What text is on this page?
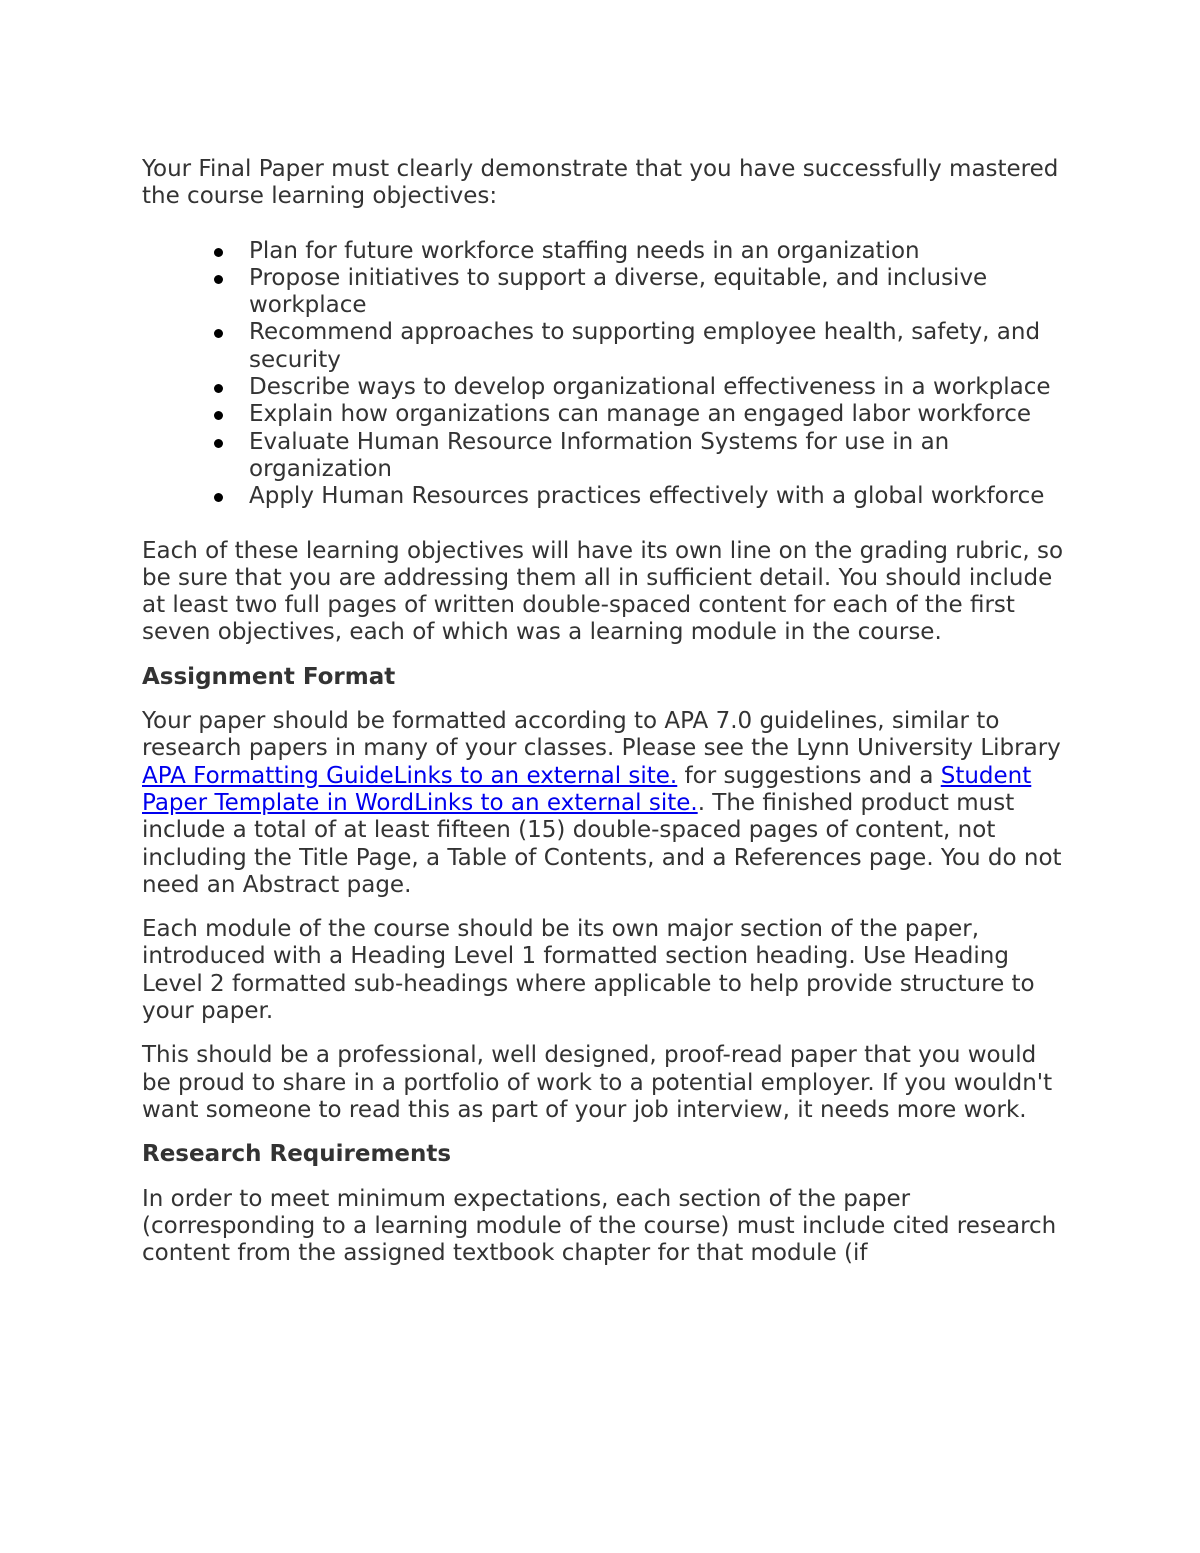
Your Final Paper must clearly demonstrate that you have successfully mastered the course learning objectives:

Plan for future workforce staffing needs in an organization
Propose initiatives to support a diverse, equitable, and inclusive workplace
Recommend approaches to supporting employee health, safety, and security
Describe ways to develop organizational effectiveness in a workplace
Explain how organizations can manage an engaged labor workforce
Evaluate Human Resource Information Systems for use in an organization
Apply Human Resources practices effectively with a global workforce

Each of these learning objectives will have its own line on the grading rubric, so be sure that you are addressing them all in sufficient detail. You should include at least two full pages of written double-spaced content for each of the first seven objectives, each of which was a learning module in the course.

Assignment Format

Your paper should be formatted according to APA 7.0 guidelines, similar to research papers in many of your classes. Please see the Lynn University Library APA Formatting GuideLinks to an external site. for suggestions and a Student Paper Template in WordLinks to an external site.. The finished product must include a total of at least fifteen (15) double-spaced pages of content, not including the Title Page, a Table of Contents, and a References page. You do not need an Abstract page.

Each module of the course should be its own major section of the paper, introduced with a Heading Level 1 formatted section heading. Use Heading Level 2 formatted sub-headings where applicable to help provide structure to your paper.

This should be a professional, well designed, proof-read paper that you would be proud to share in a portfolio of work to a potential employer. If you wouldn't want someone to read this as part of your job interview, it needs more work.

Research Requirements

In order to meet minimum expectations, each section of the paper (corresponding to a learning module of the course) must include cited research content from the assigned textbook chapter for that module (if
